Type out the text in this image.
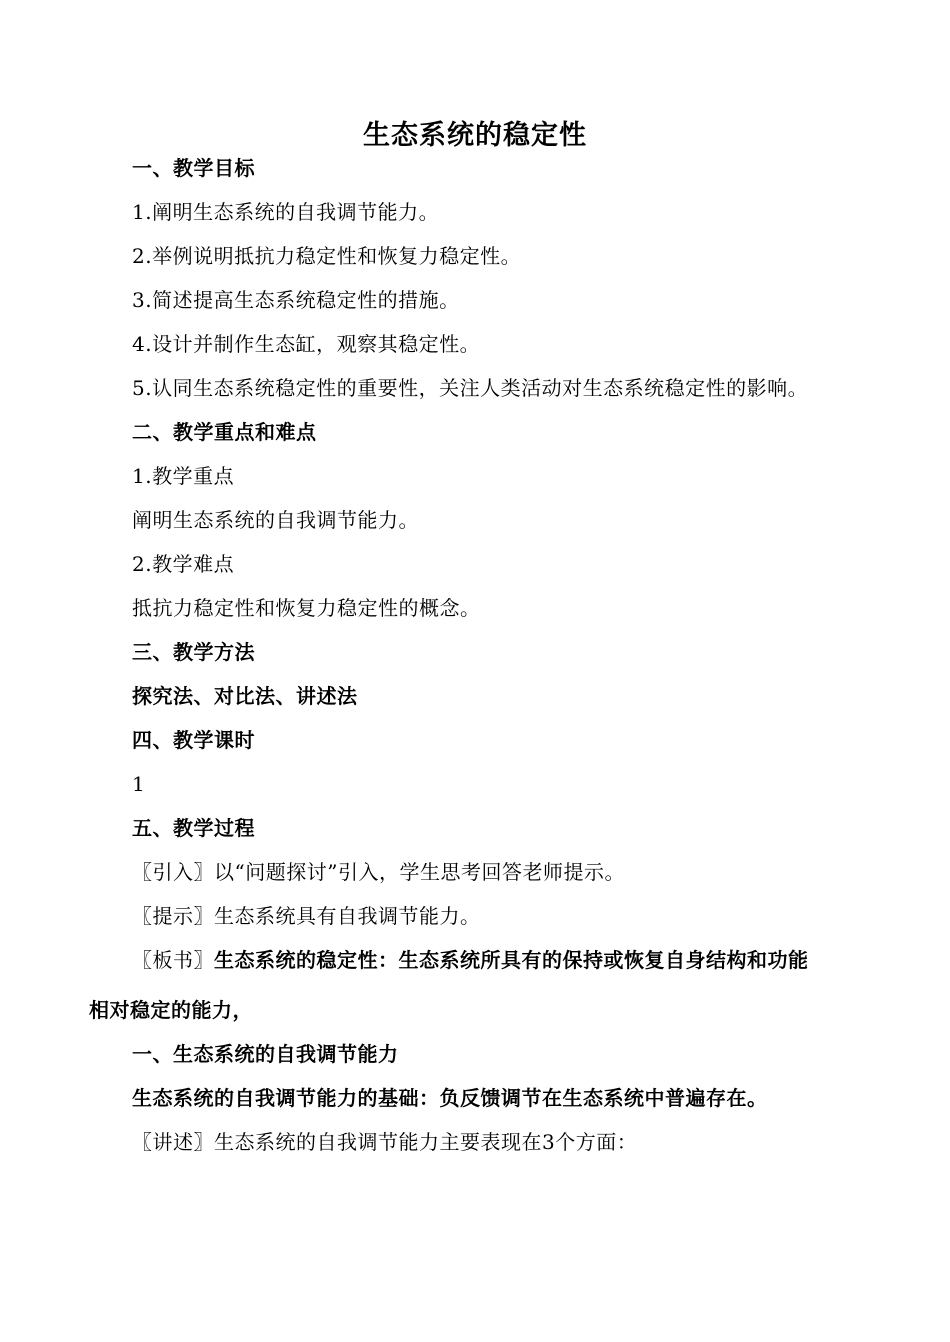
生态系统的稳定性
一、教学目标
1.阐明生态系统的自我调节能力。
2.举例说明抵抗力稳定性和恢复力稳定性。
3.简述提高生态系统稳定性的措施。
4.设计并制作生态缸，观察其稳定性。
5.认同生态系统稳定性的重要性，关注人类活动对生态系统稳定性的影响。
二、教学重点和难点
1.教学重点
阐明生态系统的自我调节能力。
2.教学难点
抵抗力稳定性和恢复力稳定性的概念。
三、教学方法
探究法、对比法、讲述法
四、教学课时
1
五、教学过程
〖引入〗以“问题探讨”引入，学生思考回答老师提示。
〖提示〗生态系统具有自我调节能力。
〖板书〗生态系统的稳定性：生态系统所具有的保持或恢复自身结构和功能
相对稳定的能力，
一、生态系统的自我调节能力
生态系统的自我调节能力的基础：负反馈调节在生态系统中普遍存在。
〖讲述〗生态系统的自我调节能力主要表现在3个方面：
